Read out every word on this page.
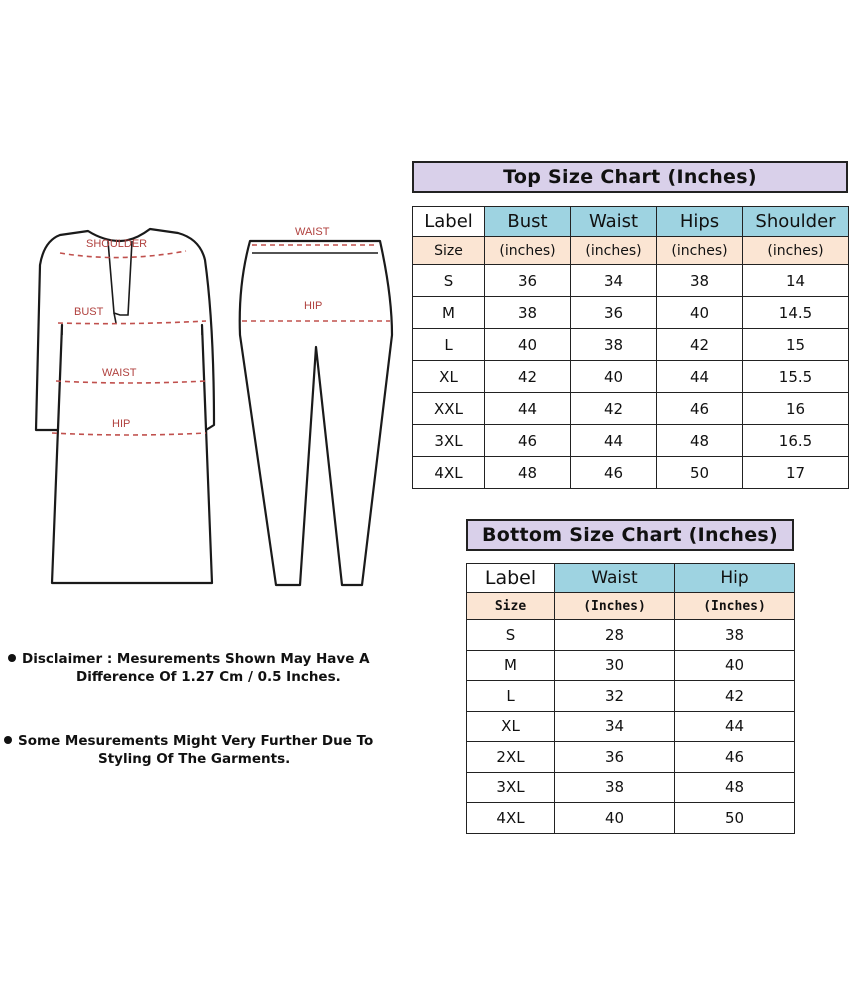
SHOULDER
BUST
WAIST
HIP
WAIST
HIP
Top Size Chart (Inches)
Label	Bust	Waist	Hips	Shoulder
Size	(inches)	(inches)	(inches)	(inches)
S	36	34	38	14
M	38	36	40	14.5
L	40	38	42	15
XL	42	40	44	15.5
XXL	44	42	46	16
3XL	46	44	48	16.5
4XL	48	46	50	17
Bottom Size Chart (Inches)
Label	Waist	Hip
Size	(Inches)	(Inches)
S	28	38
M	30	40
L	32	42
XL	34	44
2XL	36	46
3XL	38	48
4XL	40	50
Disclaimer : Mesurements Shown May Have A
Difference Of 1.27 Cm / 0.5 Inches.
Some Mesurements Might Very Further Due To
Styling Of The Garments.
